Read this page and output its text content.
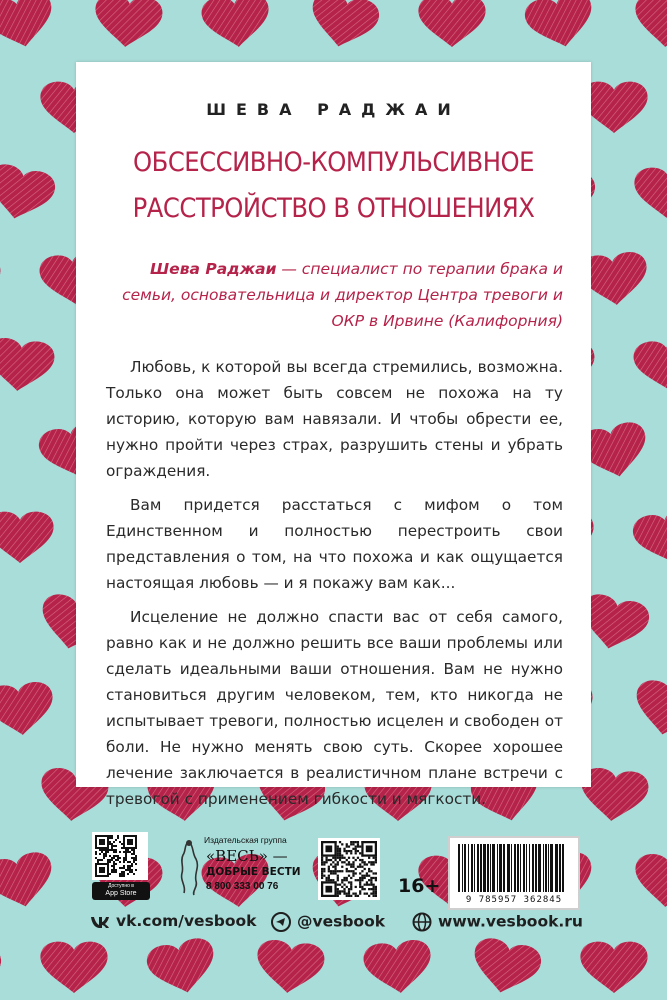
ШЕВА РАДЖАИ
ОБСЕССИВНО-КОМПУЛЬСИВНОЕ
РАССТРОЙСТВО В ОТНОШЕНИЯХ
Шева Раджаи — специалист по терапии брака и семьи, основательница и директор Центра тревоги и ОКР в Ирвине (Калифорния)

Любовь, к которой вы всегда стремились, возможна. Только она может быть совсем не похожа на ту историю, которую вам навязали. И чтобы обрести ее, нужно пройти через страх, разрушить стены и убрать ограждения.

Вам придется расстаться с мифом о том Единственном и полностью перестроить свои представления о том, на что похожа и как ощущается настоящая любовь — и я покажу вам как...

Исцеление не должно спасти вас от себя самого, равно как и не должно решить все ваши проблемы или сделать идеальными ваши отношения. Вам не нужно становиться другим человеком, тем, кто никогда не испытывает тревоги, полностью исцелен и свободен от боли. Не нужно менять свою суть. Скорее хорошее лечение заключается в реалистичном плане встречи с тревогой с применением гибкости и мягкости.

Доступно в
App Store
Издательская группа
«ВЕСЬ» —
ДОБРЫЕ ВЕСТИ
8 800 333 00 76	16+
9 785957 362845
vk.com/vesbook	@vesbook	www.vesbook.ru
